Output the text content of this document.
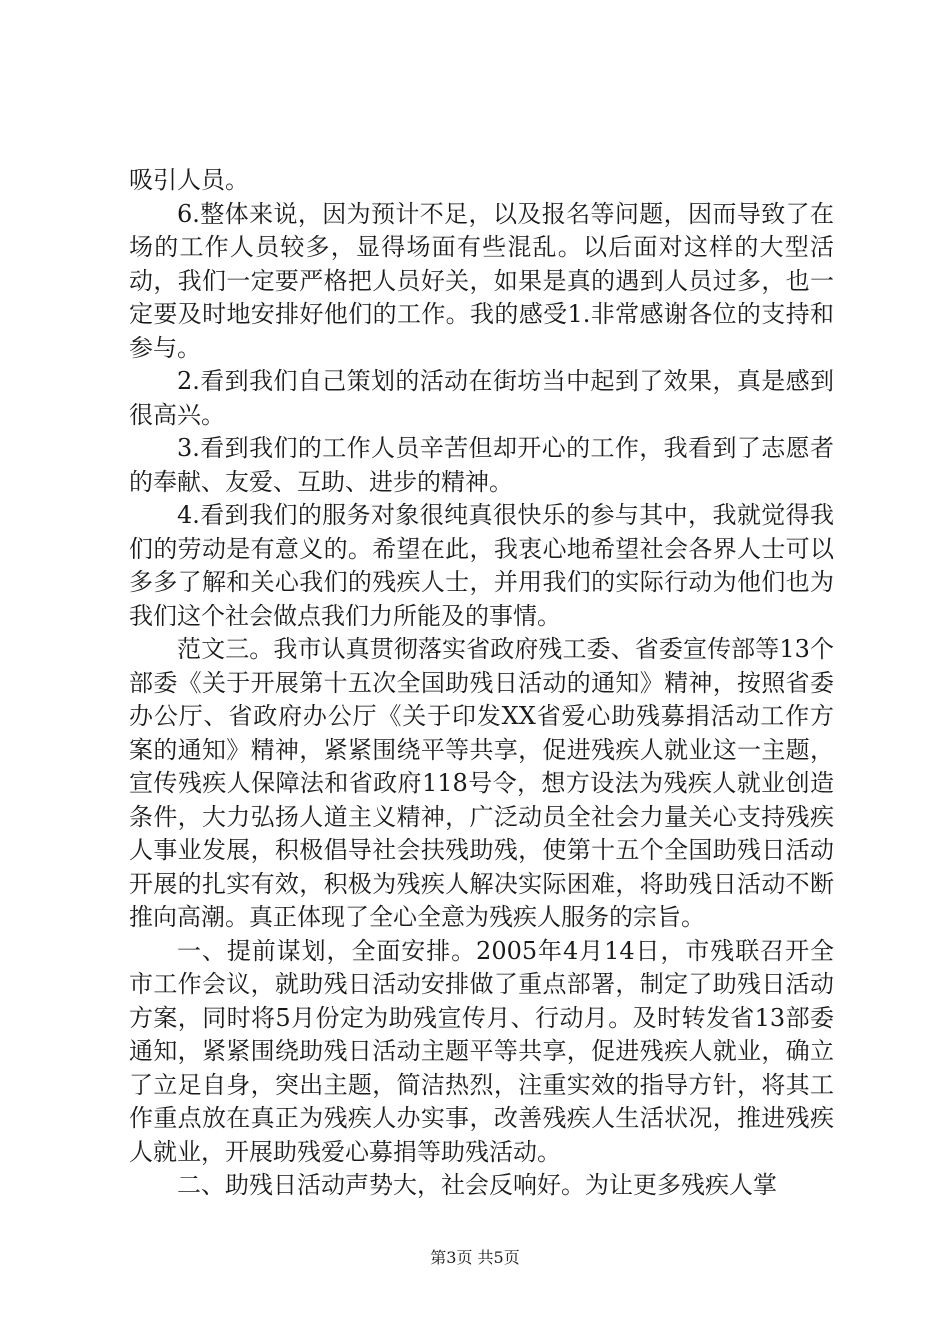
吸引人员。

6.整体来说，因为预计不足，以及报名等问题，因而导致了在场的工作人员较多，显得场面有些混乱。以后面对这样的大型活动，我们一定要严格把人员好关，如果是真的遇到人员过多，也一定要及时地安排好他们的工作。我的感受1.非常感谢各位的支持和参与。

2.看到我们自己策划的活动在街坊当中起到了效果，真是感到很高兴。

3.看到我们的工作人员辛苦但却开心的工作，我看到了志愿者的奉献、友爱、互助、进步的精神。

4.看到我们的服务对象很纯真很快乐的参与其中，我就觉得我们的劳动是有意义的。希望在此，我衷心地希望社会各界人士可以多多了解和关心我们的残疾人士，并用我们的实际行动为他们也为我们这个社会做点我们力所能及的事情。

范文三。我市认真贯彻落实省政府残工委、省委宣传部等13个部委《关于开展第十五次全国助残日活动的通知》精神，按照省委办公厅、省政府办公厅《关于印发XX省爱心助残募捐活动工作方案的通知》精神，紧紧围绕平等共享，促进残疾人就业这一主题，宣传残疾人保障法和省政府118号令，想方设法为残疾人就业创造条件，大力弘扬人道主义精神，广泛动员全社会力量关心支持残疾人事业发展，积极倡导社会扶残助残，使第十五个全国助残日活动开展的扎实有效，积极为残疾人解决实际困难，将助残日活动不断推向高潮。真正体现了全心全意为残疾人服务的宗旨。

一、提前谋划，全面安排。2005年4月14日，市残联召开全市工作会议，就助残日活动安排做了重点部署，制定了助残日活动方案，同时将5月份定为助残宣传月、行动月。及时转发省13部委通知，紧紧围绕助残日活动主题平等共享，促进残疾人就业，确立了立足自身，突出主题，简洁热烈，注重实效的指导方针，将其工作重点放在真正为残疾人办实事，改善残疾人生活状况，推进残疾人就业，开展助残爱心募捐等助残活动。

二、助残日活动声势大，社会反响好。为让更多残疾人掌

第3页 共5页
